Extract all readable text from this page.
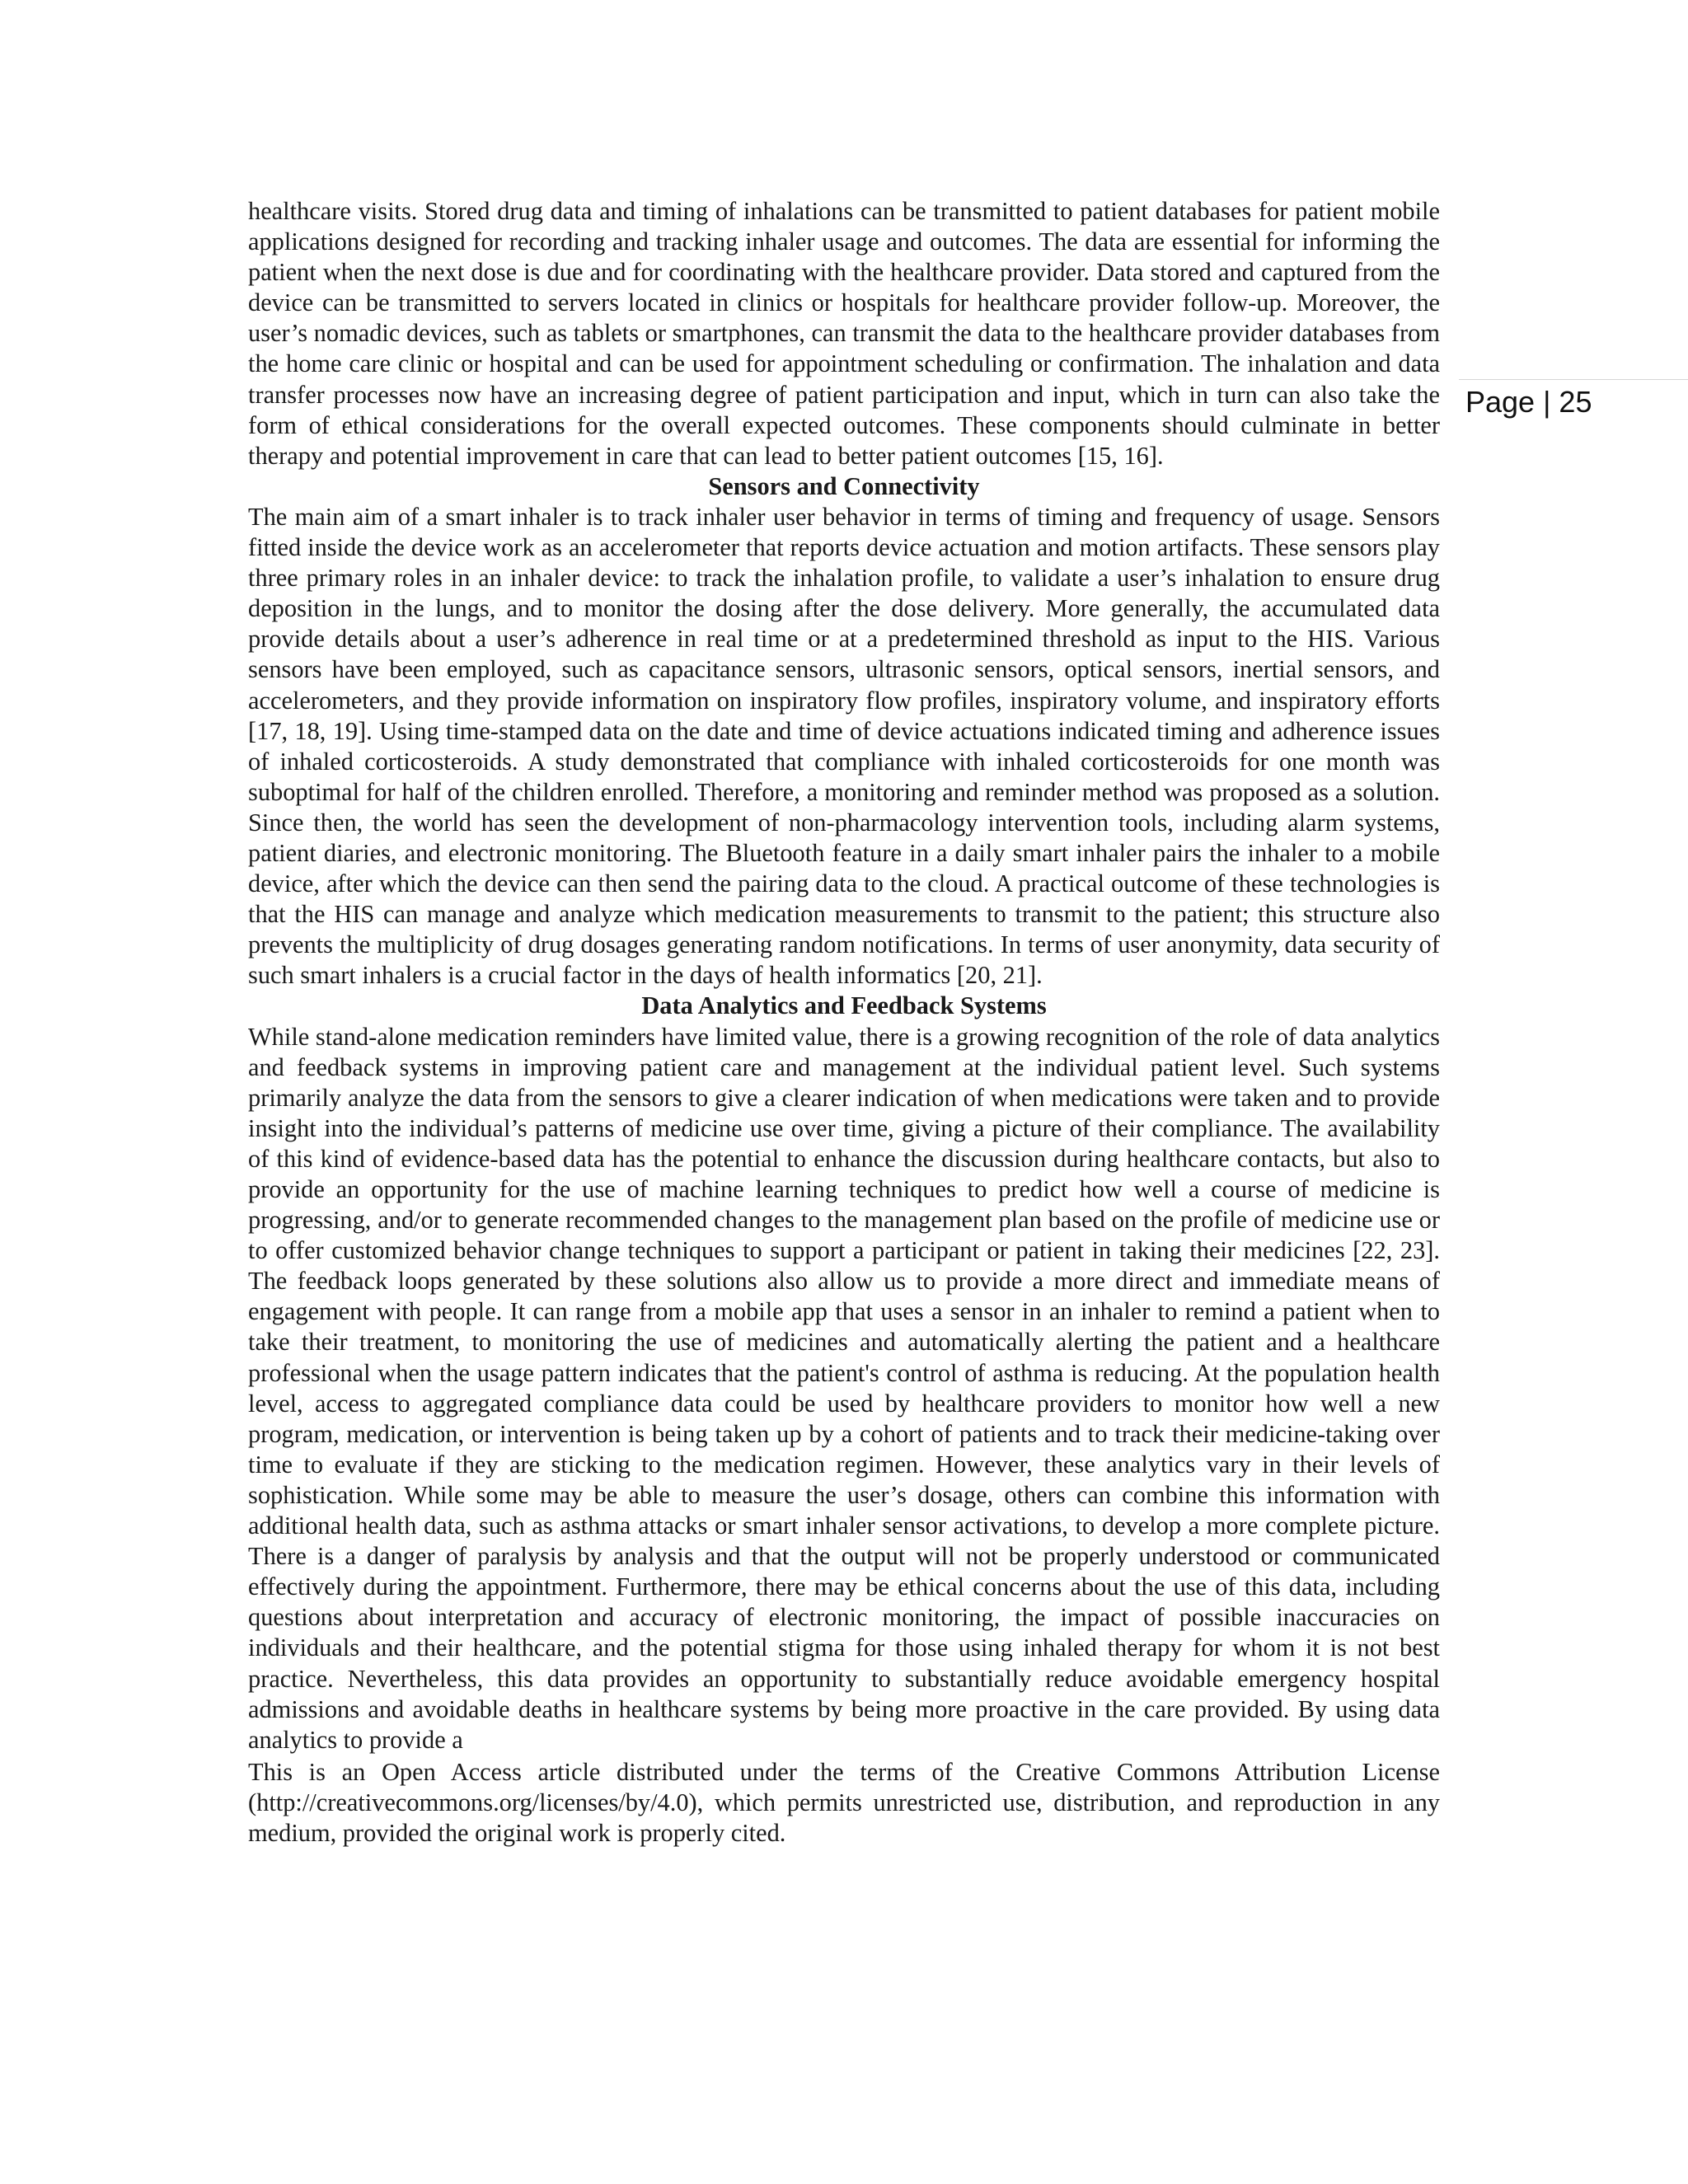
Page | 25

healthcare visits. Stored drug data and timing of inhalations can be transmitted to patient databases for patient mobile applications designed for recording and tracking inhaler usage and outcomes. The data are essential for informing the patient when the next dose is due and for coordinating with the healthcare provider. Data stored and captured from the device can be transmitted to servers located in clinics or hospitals for healthcare provider follow-up. Moreover, the user’s nomadic devices, such as tablets or smartphones, can transmit the data to the healthcare provider databases from the home care clinic or hospital and can be used for appointment scheduling or confirmation. The inhalation and data transfer processes now have an increasing degree of patient participation and input, which in turn can also take the form of ethical considerations for the overall expected outcomes. These components should culminate in better therapy and potential improvement in care that can lead to better patient outcomes [15, 16].

Sensors and Connectivity

The main aim of a smart inhaler is to track inhaler user behavior in terms of timing and frequency of usage. Sensors fitted inside the device work as an accelerometer that reports device actuation and motion artifacts. These sensors play three primary roles in an inhaler device: to track the inhalation profile, to validate a user’s inhalation to ensure drug deposition in the lungs, and to monitor the dosing after the dose delivery. More generally, the accumulated data provide details about a user’s adherence in real time or at a predetermined threshold as input to the HIS. Various sensors have been employed, such as capacitance sensors, ultrasonic sensors, optical sensors, inertial sensors, and accelerometers, and they provide information on inspiratory flow profiles, inspiratory volume, and inspiratory efforts [17, 18, 19]. Using time-stamped data on the date and time of device actuations indicated timing and adherence issues of inhaled corticosteroids. A study demonstrated that compliance with inhaled corticosteroids for one month was suboptimal for half of the children enrolled. Therefore, a monitoring and reminder method was proposed as a solution. Since then, the world has seen the development of non-pharmacology intervention tools, including alarm systems, patient diaries, and electronic monitoring. The Bluetooth feature in a daily smart inhaler pairs the inhaler to a mobile device, after which the device can then send the pairing data to the cloud. A practical outcome of these technologies is that the HIS can manage and analyze which medication measurements to transmit to the patient; this structure also prevents the multiplicity of drug dosages generating random notifications. In terms of user anonymity, data security of such smart inhalers is a crucial factor in the days of health informatics [20, 21].

Data Analytics and Feedback Systems

While stand-alone medication reminders have limited value, there is a growing recognition of the role of data analytics and feedback systems in improving patient care and management at the individual patient level. Such systems primarily analyze the data from the sensors to give a clearer indication of when medications were taken and to provide insight into the individual’s patterns of medicine use over time, giving a picture of their compliance. The availability of this kind of evidence-based data has the potential to enhance the discussion during healthcare contacts, but also to provide an opportunity for the use of machine learning techniques to predict how well a course of medicine is progressing, and/or to generate recommended changes to the management plan based on the profile of medicine use or to offer customized behavior change techniques to support a participant or patient in taking their medicines [22, 23]. The feedback loops generated by these solutions also allow us to provide a more direct and immediate means of engagement with people. It can range from a mobile app that uses a sensor in an inhaler to remind a patient when to take their treatment, to monitoring the use of medicines and automatically alerting the patient and a healthcare professional when the usage pattern indicates that the patient's control of asthma is reducing. At the population health level, access to aggregated compliance data could be used by healthcare providers to monitor how well a new program, medication, or intervention is being taken up by a cohort of patients and to track their medicine-taking over time to evaluate if they are sticking to the medication regimen. However, these analytics vary in their levels of sophistication. While some may be able to measure the user’s dosage, others can combine this information with additional health data, such as asthma attacks or smart inhaler sensor activations, to develop a more complete picture. There is a danger of paralysis by analysis and that the output will not be properly understood or communicated effectively during the appointment. Furthermore, there may be ethical concerns about the use of this data, including questions about interpretation and accuracy of electronic monitoring, the impact of possible inaccuracies on individuals and their healthcare, and the potential stigma for those using inhaled therapy for whom it is not best practice. Nevertheless, this data provides an opportunity to substantially reduce avoidable emergency hospital admissions and avoidable deaths in healthcare systems by being more proactive in the care provided. By using data analytics to provide a

This is an Open Access article distributed under the terms of the Creative Commons Attribution License (http://creativecommons.org/licenses/by/4.0), which permits unrestricted use, distribution, and reproduction in any medium, provided the original work is properly cited.
